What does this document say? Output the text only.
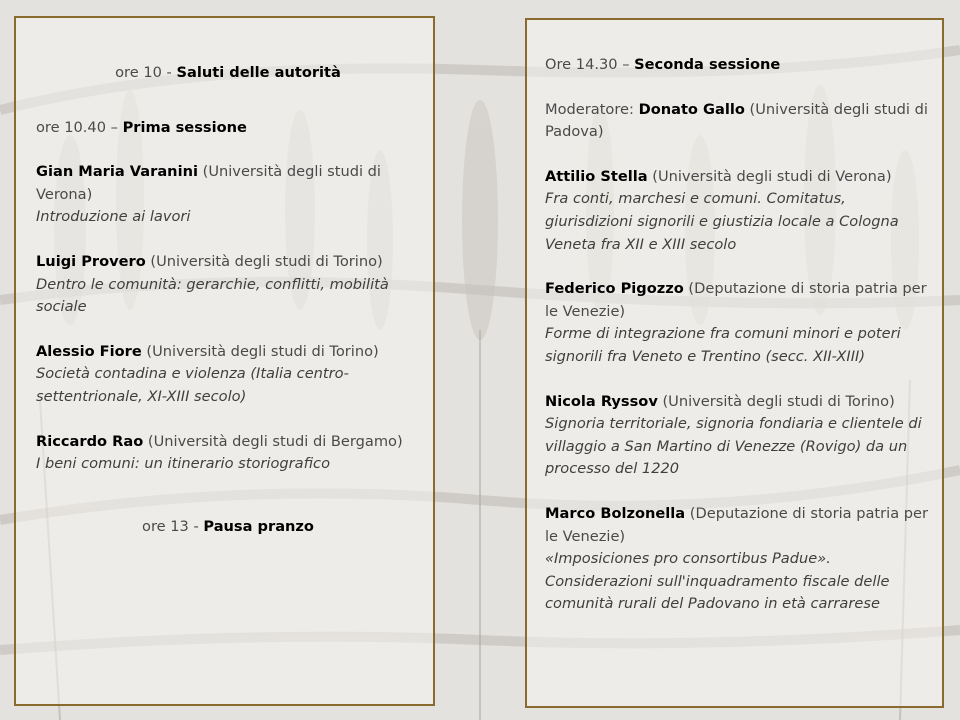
ore 10 - Saluti delle autorità

ore 10.40 – Prima sessione

Gian Maria Varanini (Università degli studi di Verona)
Introduzione ai lavori

Luigi Provero (Università degli studi di Torino)
Dentro le comunità: gerarchie, conflitti, mobilità sociale

Alessio Fiore (Università degli studi di Torino)
Società contadina e violenza (Italia centro-settentrionale, XI-XIII secolo)

Riccardo Rao (Università degli studi di Bergamo)
I beni comuni: un itinerario storiografico

ore 13 - Pausa pranzo

Ore 14.30 – Seconda sessione

Moderatore: Donato Gallo (Università degli studi di Padova)

Attilio Stella (Università degli studi di Verona)
Fra conti, marchesi e comuni. Comitatus, giurisdizioni signorili e giustizia locale a Cologna Veneta fra XII e XIII secolo

Federico Pigozzo (Deputazione di storia patria per le Venezie)
Forme di integrazione fra comuni minori e poteri signorili fra Veneto e Trentino (secc. XII-XIII)

Nicola Ryssov (Università degli studi di Torino)
Signoria territoriale, signoria fondiaria e clientele di villaggio a San Martino di Venezze (Rovigo) da un processo del 1220

Marco Bolzonella (Deputazione di storia patria per le Venezie)
«Imposiciones pro consortibus Padue». Considerazioni sull'inquadramento fiscale delle comunità rurali del Padovano in età carrarese
